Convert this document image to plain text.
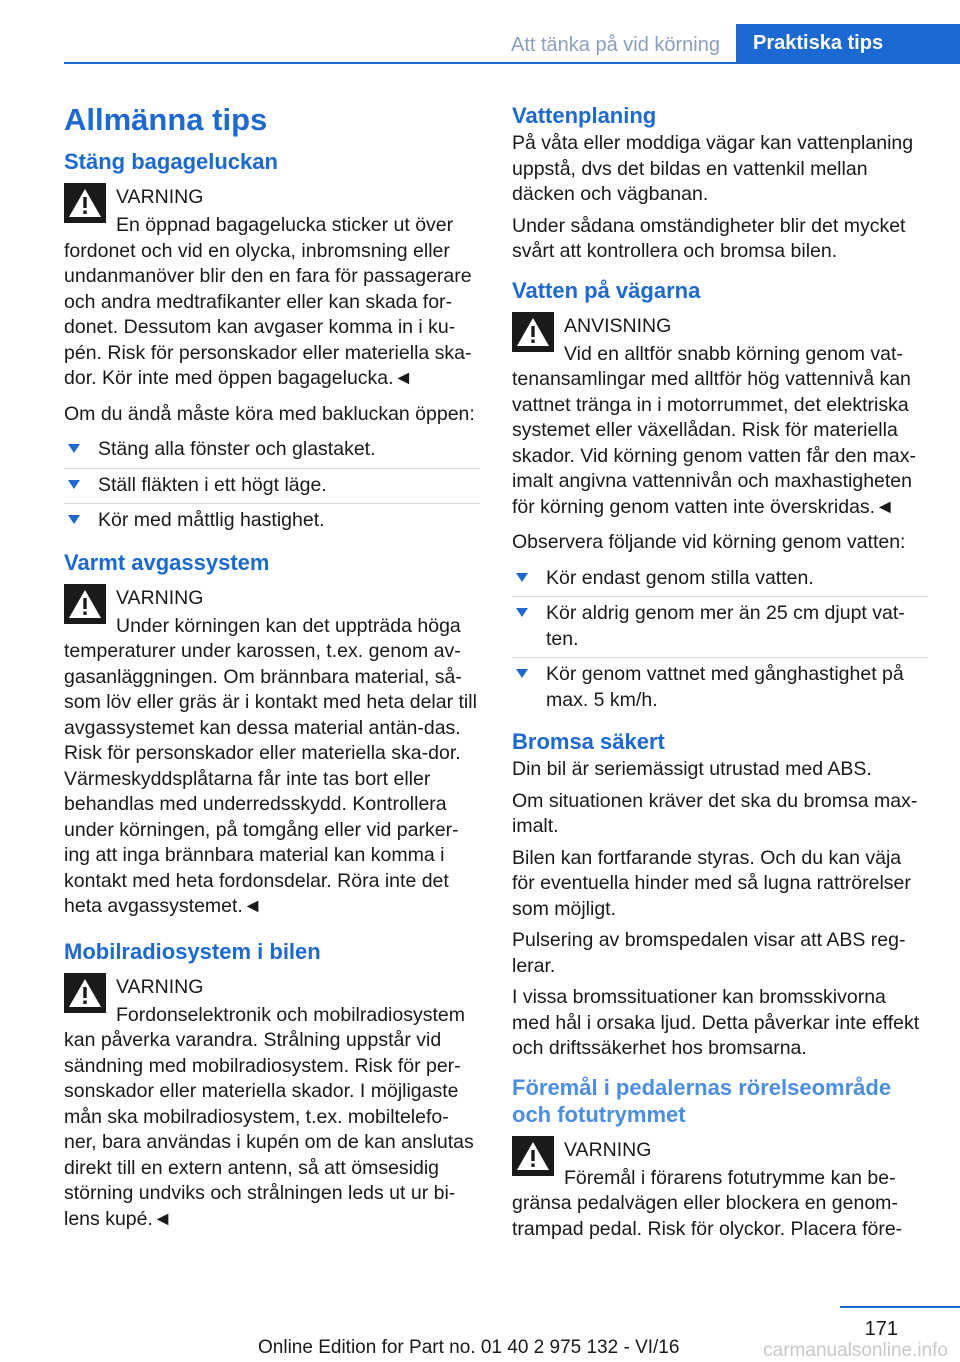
Att tänka på vid körning	Praktiska tips
Allmänna tips
Stäng bagageluckan
VARNING

En öppnad bagagelucka sticker ut över fordonet och vid en olycka, inbromsning eller undanmanöver blir den en fara för passagerare och andra medtrafikanter eller kan skada for-donet. Dessutom kan avgaser komma in i ku-pén. Risk för personskador eller materiella ska-dor. Kör inte med öppen bagagelucka.◄

Om du ändå måste köra med bakluckan öppen:

Stäng alla fönster och glastaket.
Ställ fläkten i ett högt läge.
Kör med måttlig hastighet.
Varmt avgassystem
VARNING

Under körningen kan det uppträda höga temperaturer under karossen, t.ex. genom av-gasanläggningen. Om brännbara material, så-som löv eller gräs är i kontakt med heta delar till avgassystemet kan dessa material antän-das. Risk för personskador eller materiella ska-dor. Värmeskyddsplåtarna får inte tas bort eller behandlas med underredsskydd. Kontrollera under körningen, på tomgång eller vid parker-ing att inga brännbara material kan komma i kontakt med heta fordonsdelar. Röra inte det heta avgassystemet.◄

Mobilradiosystem i bilen
VARNING

Fordonselektronik och mobilradiosystem kan påverka varandra. Strålning uppstår vid sändning med mobilradiosystem. Risk för per-sonskador eller materiella skador. I möjligaste mån ska mobilradiosystem, t.ex. mobiltelefo-ner, bara användas i kupén om de kan anslutas direkt till en extern antenn, så att ömsesidig störning undviks och strålningen leds ut ur bi-lens kupé.◄

Vattenplaning

På våta eller moddiga vägar kan vattenplaning uppstå, dvs det bildas en vattenkil mellan däcken och vägbanan.

Under sådana omständigheter blir det mycket svårt att kontrollera och bromsa bilen.

Vatten på vägarna
ANVISNING

Vid en alltför snabb körning genom vat-tenansamlingar med alltför hög vattennivå kan vattnet tränga in i motorrummet, det elektriska systemet eller växellådan. Risk för materiella skador. Vid körning genom vatten får den max-imalt angivna vattennivån och maxhastigheten för körning genom vatten inte överskridas.◄

Observera följande vid körning genom vatten:

Kör endast genom stilla vatten.
Kör aldrig genom mer än 25 cm djupt vat-ten.
Kör genom vattnet med gånghastighet på max. 5 km/h.
Bromsa säkert

Din bil är seriemässigt utrustad med ABS.

Om situationen kräver det ska du bromsa max-imalt.

Bilen kan fortfarande styras. Och du kan väja för eventuella hinder med så lugna rattrörelser som möjligt.

Pulsering av bromspedalen visar att ABS reg-lerar.

I vissa bromssituationer kan bromsskivorna med hål i orsaka ljud. Detta påverkar inte effekt och driftssäkerhet hos bromsarna.

Föremål i pedalernas rörelseområde och fotutrymmet
VARNING

Föremål i förarens fotutrymme kan be-gränsa pedalvägen eller blockera en genom-trampad pedal. Risk för olyckor. Placera före-

171
Online Edition for Part no. 01 40 2 975 132 - VI/16	carmanualsonline.info
